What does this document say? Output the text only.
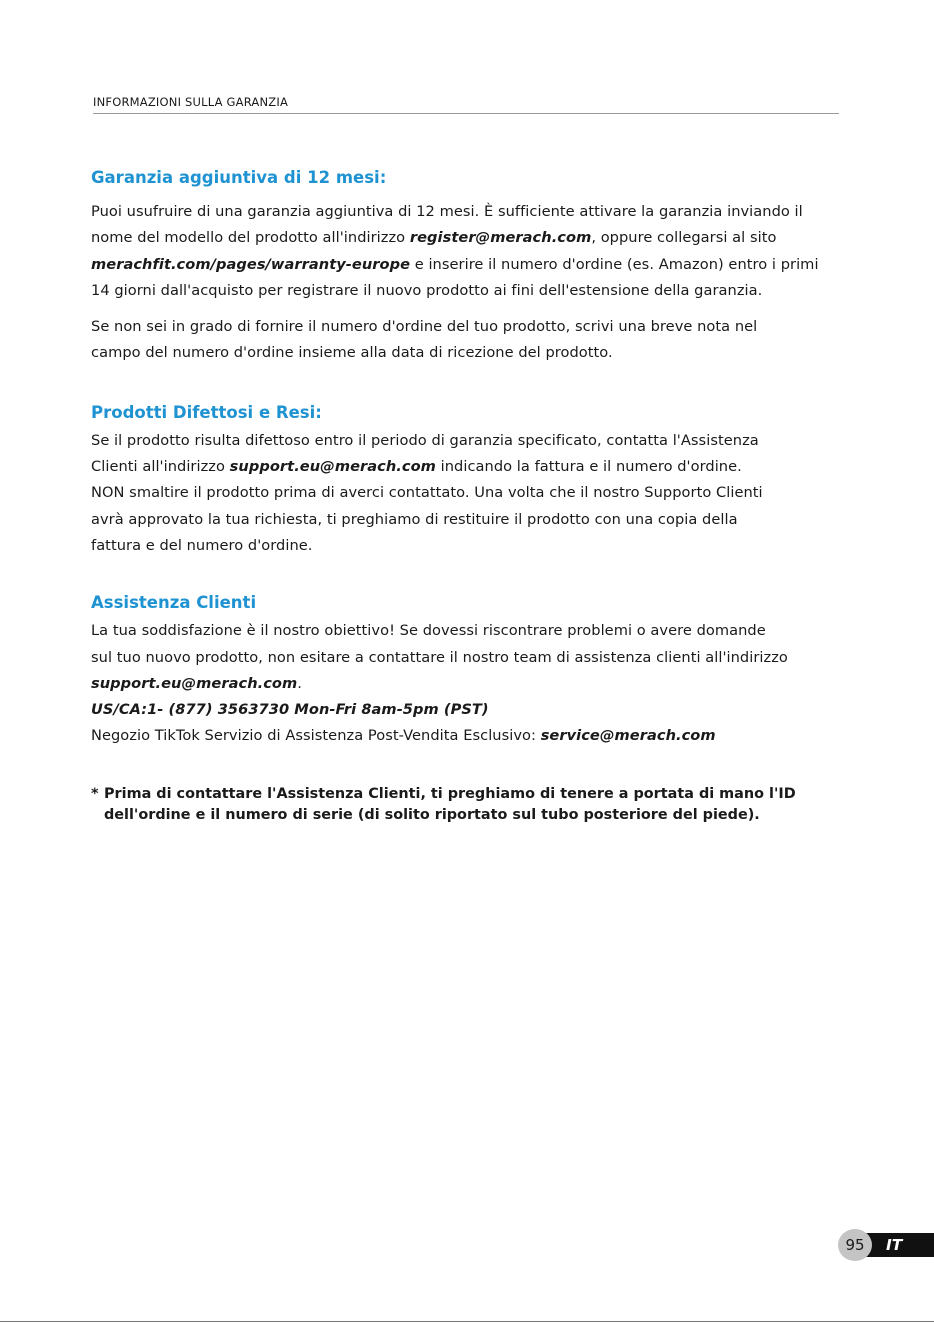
INFORMAZIONI SULLA GARANZIA
Garanzia aggiuntiva di 12 mesi:

Puoi usufruire di una garanzia aggiuntiva di 12 mesi. È sufficiente attivare la garanzia inviando il
nome del modello del prodotto all'indirizzo register@merach.com, oppure collegarsi al sito
merachfit.com/pages/warranty-europe e inserire il numero d'ordine (es. Amazon) entro i primi
14 giorni dall'acquisto per registrare il nuovo prodotto ai fini dell'estensione della garanzia.

Se non sei in grado di fornire il numero d'ordine del tuo prodotto, scrivi una breve nota nel
campo del numero d'ordine insieme alla data di ricezione del prodotto.

Prodotti Difettosi e Resi:

Se il prodotto risulta difettoso entro il periodo di garanzia specificato, contatta l'Assistenza
Clienti all'indirizzo support.eu@merach.com indicando la fattura e il numero d'ordine.
NON smaltire il prodotto prima di averci contattato. Una volta che il nostro Supporto Clienti
avrà approvato la tua richiesta, ti preghiamo di restituire il prodotto con una copia della
fattura e del numero d'ordine.

Assistenza Clienti

La tua soddisfazione è il nostro obiettivo! Se dovessi riscontrare problemi o avere domande
sul tuo nuovo prodotto, non esitare a contattare il nostro team di assistenza clienti all'indirizzo
support.eu@merach.com.
US/CA:1- (877) 3563730 Mon-Fri 8am-5pm (PST)
Negozio TikTok Servizio di Assistenza Post-Vendita Esclusivo: service@merach.com

* Prima di contattare l'Assistenza Clienti, ti preghiamo di tenere a portata di mano l'ID
dell'ordine e il numero di serie (di solito riportato sul tubo posteriore del piede).
95	IT
